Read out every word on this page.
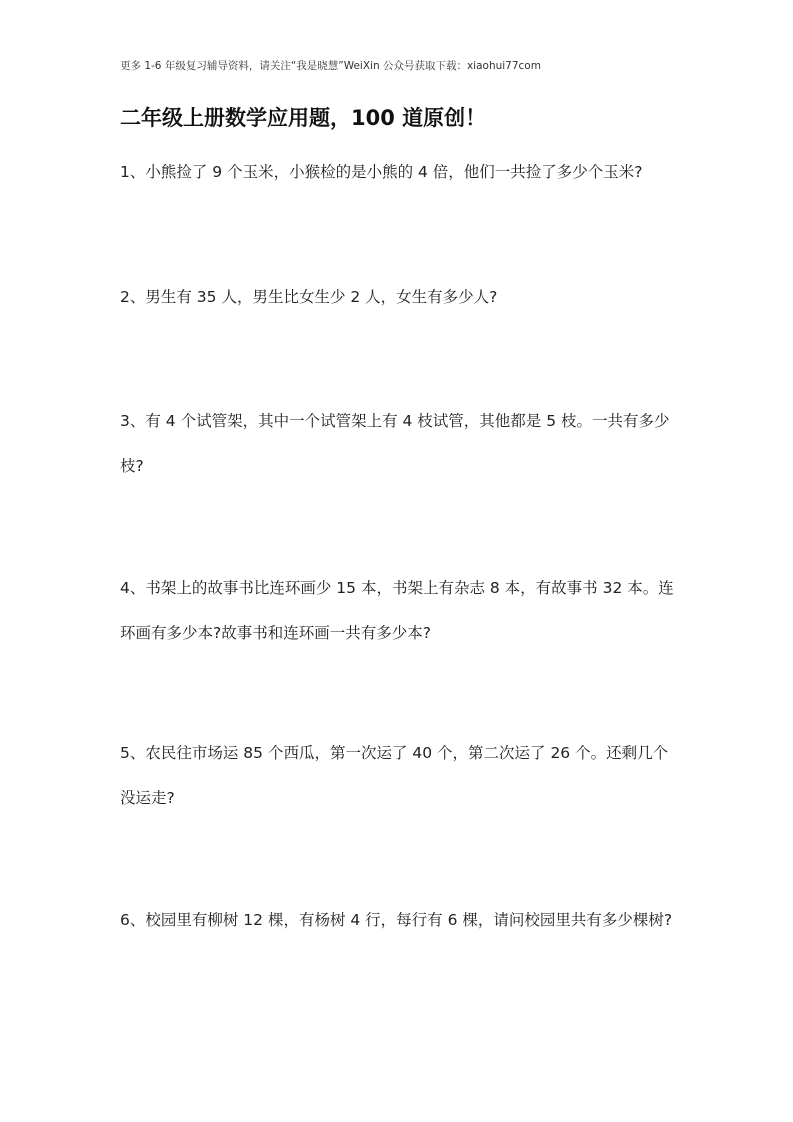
更多 1-6 年级复习辅导资料，请关注“我是晓慧”WeiXin 公众号获取下载：xiaohui77com
二年级上册数学应用题，100 道原创！
1、小熊捡了 9 个玉米，小猴检的是小熊的 4 倍，他们一共捡了多少个玉米?
2、男生有 35 人，男生比女生少 2 人，女生有多少人?
3、有 4 个试管架，其中一个试管架上有 4 枝试管，其他都是 5 枝。一共有多少枝?
4、书架上的故事书比连环画少 15 本，书架上有杂志 8 本，有故事书 32 本。连环画有多少本?故事书和连环画一共有多少本?
5、农民往市场运 85 个西瓜，第一次运了 40 个，第二次运了 26 个。还剩几个没运走?
6、校园里有柳树 12 棵，有杨树 4 行，每行有 6 棵，请问校园里共有多少棵树?
